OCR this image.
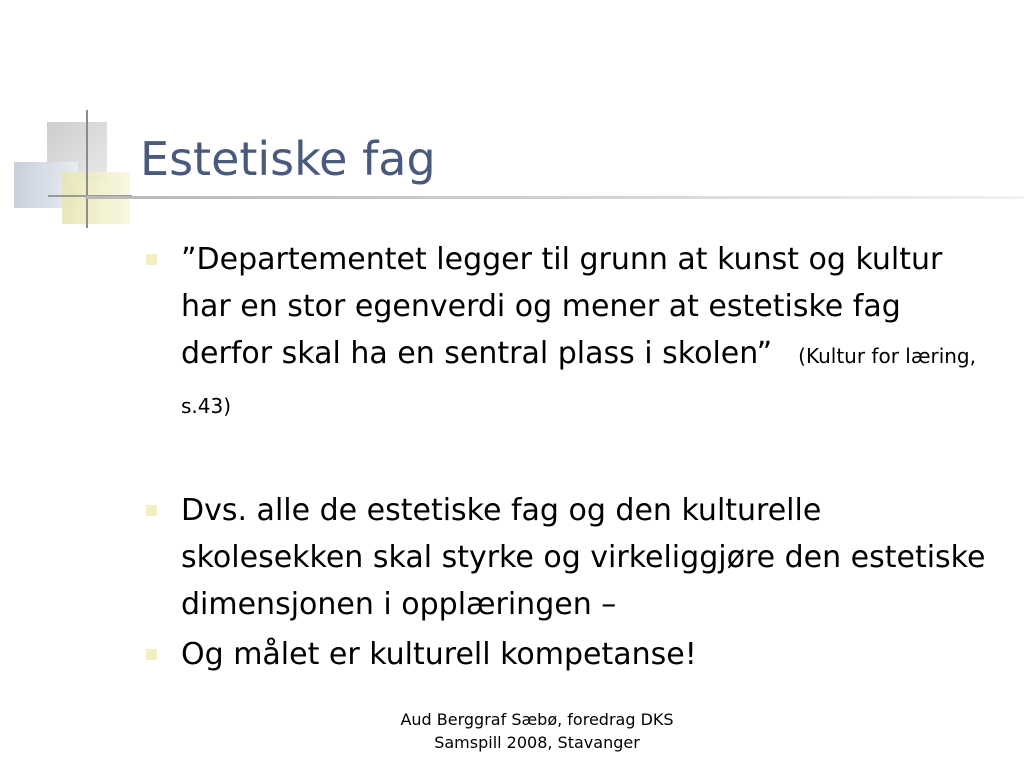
Estetiske fag
”Departementet legger til grunn at kunst og kultur har en stor egenverdi og mener at estetiske fag derfor skal ha en sentral plass i skolen” (Kultur for læring, s.43)
Dvs. alle de estetiske fag og den kulturelle skolesekken skal styrke og virkeliggjøre den estetiske dimensjonen i opplæringen –
Og målet er kulturell kompetanse!
Aud Berggraf Sæbø, foredrag DKS
Samspill 2008, Stavanger
